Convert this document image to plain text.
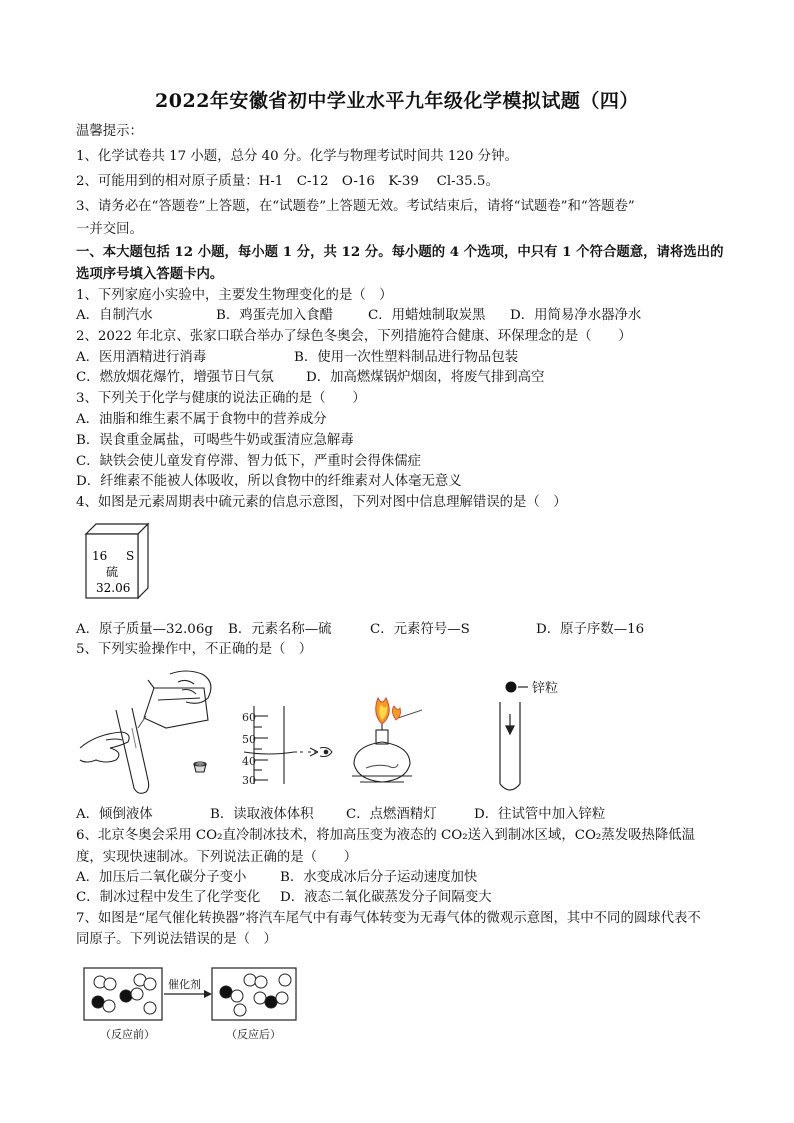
2022年安徽省初中学业水平九年级化学模拟试题（四）
温馨提示：
1、化学试卷共 17 小题，总分 40 分。化学与物理考试时间共 120 分钟。
2、可能用到的相对原子质量：H-1　C-12　O-16　K-39　 Cl-35.5。
3、请务必在“答题卷”上答题，在“试题卷”上答题无效。考试结束后，请将“试题卷”和“答题卷”
一并交回。
一、本大题包括 12 小题，每小题 1 分，共 12 分。每小题的 4 个选项，中只有 1 个符合题意，请将选出的
选项序号填入答题卡内。
1、下列家庭小实验中，主要发生物理变化的是（　）
A．自制汽水	B．鸡蛋壳加入食醋	C．用蜡烛制取炭黑 D．用简易净水器净水
2、2022 年北京、张家口联合举办了绿色冬奥会，下列措施符合健康、环保理念的是（　　）
A．医用酒精进行消毒	B．使用一次性塑料制品进行物品包装
C．燃放烟花爆竹，增强节日气氛 D．加高燃煤锅炉烟囱，将废气排到高空
3、下列关于化学与健康的说法正确的是（　　）
A．油脂和维生素不属于食物中的营养成分
B．误食重金属盐，可喝些牛奶或蛋清应急解毒
C．缺铁会使儿童发育停滞、智力低下，严重时会得侏儒症
D．纤维素不能被人体吸收，所以食物中的纤维素对人体毫无意义
4、如图是元素周期表中硫元素的信息示意图，下列对图中信息理解错误的是（　）
16 S
硫
32.06
A．原子质量—32.06g B．元素名称—硫	C．元素符号—S	D．原子序数—16
5、下列实验操作中，不正确的是（　）
60
50
40
30
锌粒
A．倾倒液体	B．读取液体体积 C．点燃酒精灯	D．往试管中加入锌粒
6、北京冬奥会采用 CO₂直冷制冰技术，将加高压变为液态的 CO₂送入到制冰区域，CO₂蒸发吸热降低温
度，实现快速制冰。下列说法正确的是（　　）
A．加压后二氧化碳分子变小	B．水变成冰后分子运动速度加快
C．制冰过程中发生了化学变化 D．液态二氧化碳蒸发分子间隔变大
7、如图是“尾气催化转换器”将汽车尾气中有毒气体转变为无毒气体的微观示意图，其中不同的圆球代表不
同原子。下列说法错误的是（　）
催化剂
（反应前）	（反应后）
